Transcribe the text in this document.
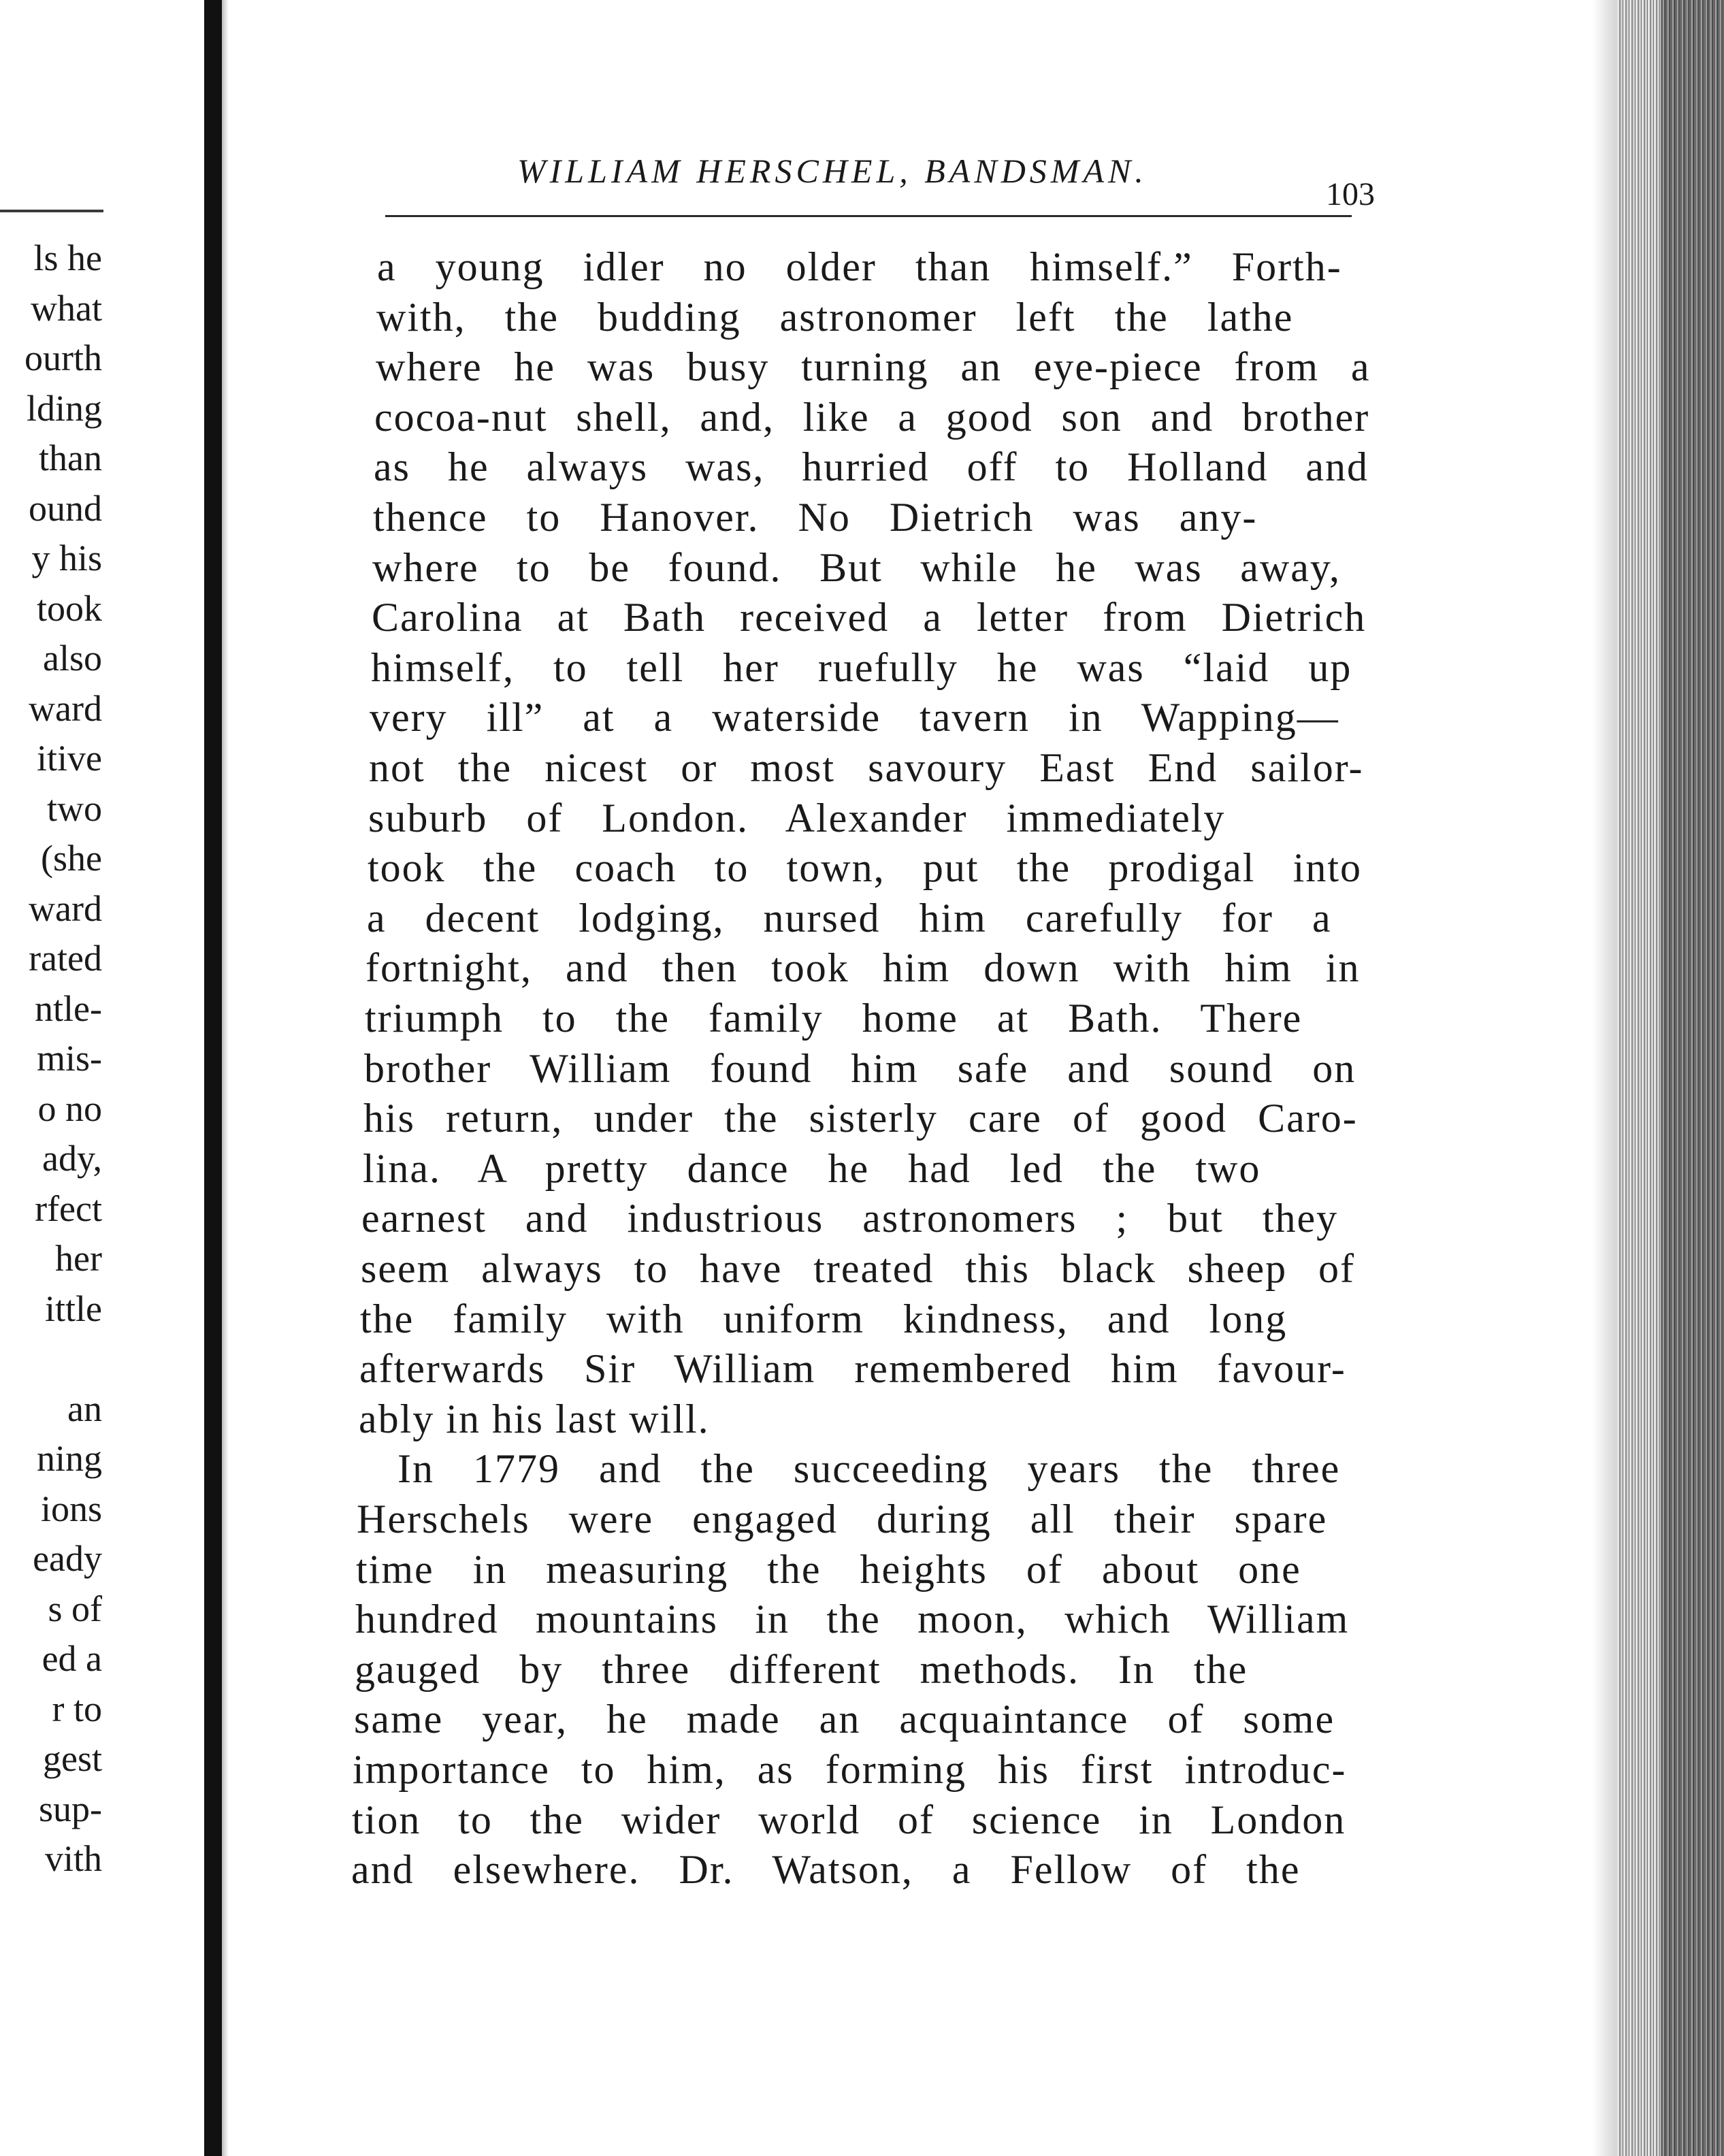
ls he
what
ourth
lding
than
ound
y his
took
also
ward
itive
two
(she
ward
rated
ntle-
mis-
o no
ady,
rfect
her
ittle
an
ning
ions
eady
s of
ed a
r to
gest
sup-
vith
WILLIAM HERSCHEL, BANDSMAN.
103
a young idler no older than himself.” Forth-
with, the budding astronomer left the lathe
where he was busy turning an eye-piece from a
cocoa-nut shell, and, like a good son and brother
as he always was, hurried off to Holland and
thence to Hanover. No Dietrich was any-
where to be found. But while he was away,
Carolina at Bath received a letter from Dietrich
himself, to tell her ruefully he was “laid up
very ill” at a waterside tavern in Wapping—
not the nicest or most savoury East End sailor-
suburb of London. Alexander immediately
took the coach to town, put the prodigal into
a decent lodging, nursed him carefully for a
fortnight, and then took him down with him in
triumph to the family home at Bath. There
brother William found him safe and sound on
his return, under the sisterly care of good Caro-
lina. A pretty dance he had led the two
earnest and industrious astronomers ; but they
seem always to have treated this black sheep of
the family with uniform kindness, and long
afterwards Sir William remembered him favour-
ably in his last will.
In 1779 and the succeeding years the three
Herschels were engaged during all their spare
time in measuring the heights of about one
hundred mountains in the moon, which William
gauged by three different methods. In the
same year, he made an acquaintance of some
importance to him, as forming his first introduc-
tion to the wider world of science in London
and elsewhere. Dr. Watson, a Fellow of the
